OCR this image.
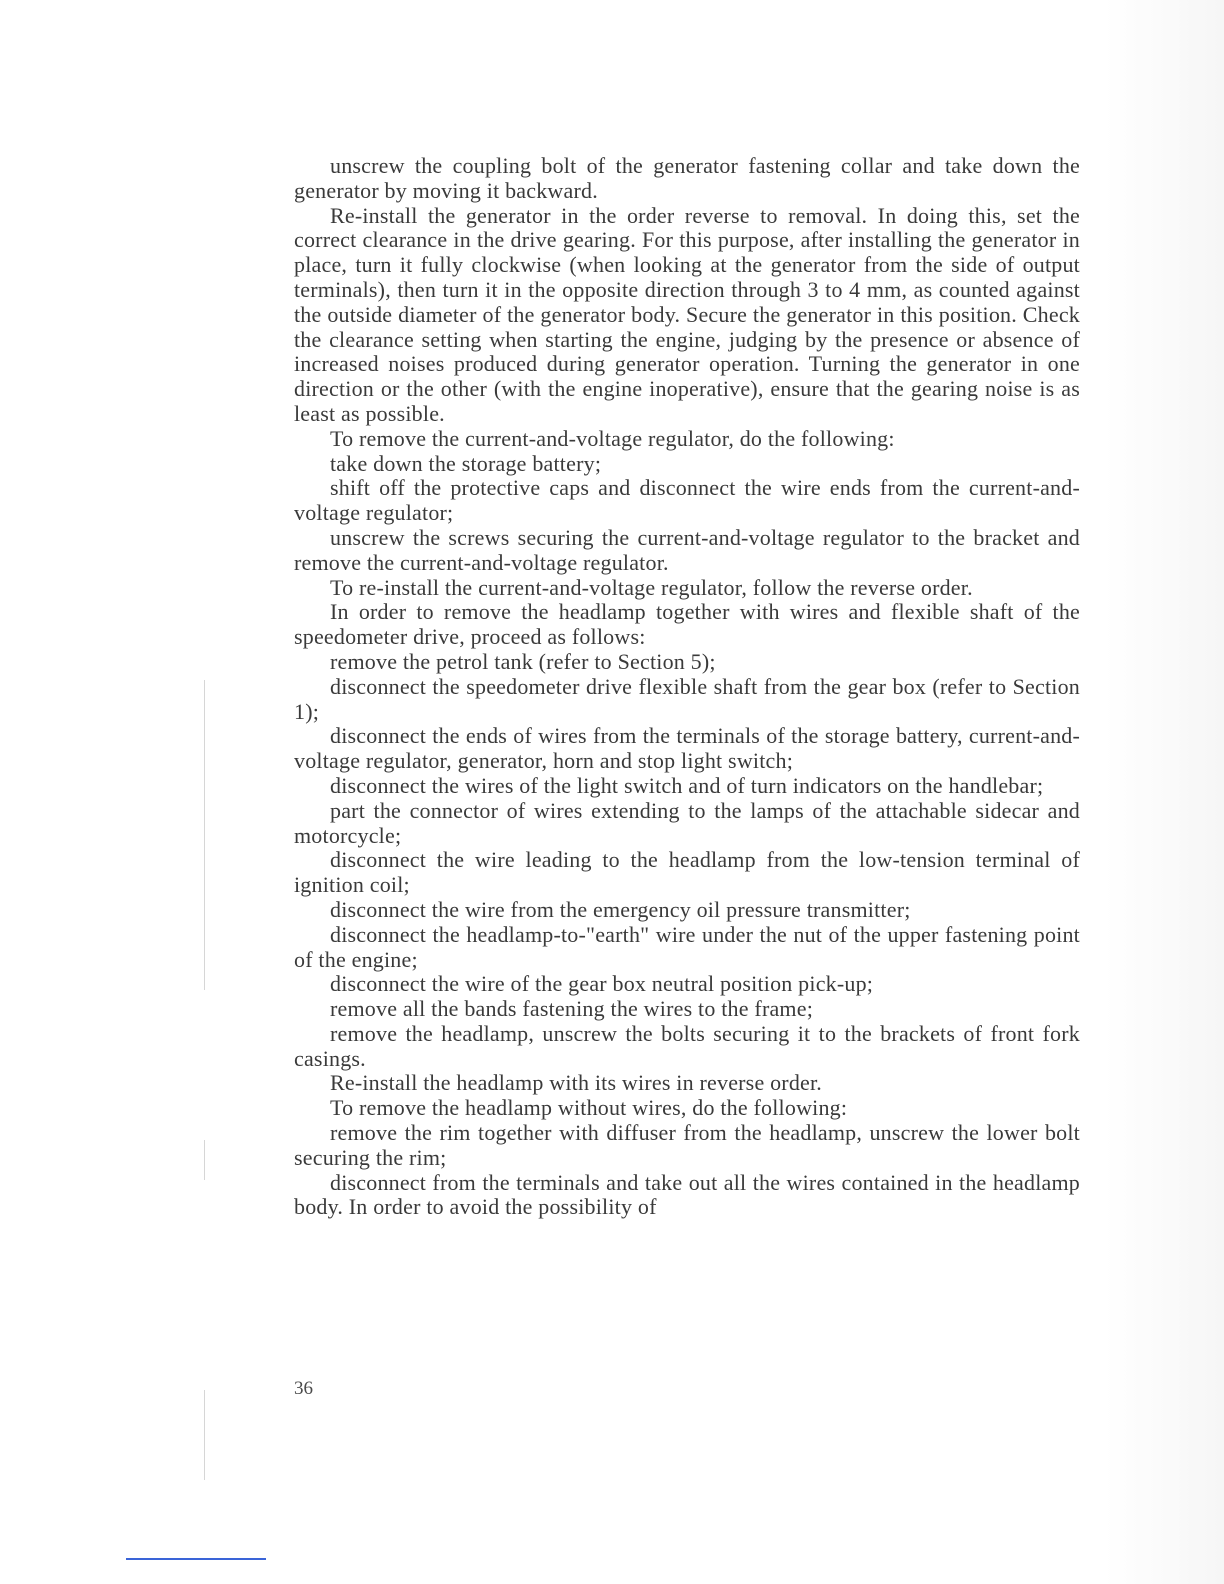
unscrew the coupling bolt of the generator fastening collar and take down the generator by moving it backward.

Re-install the generator in the order reverse to removal. In doing this, set the correct clearance in the drive gearing. For this purpose, after installing the generator in place, turn it fully clockwise (when looking at the generator from the side of output terminals), then turn it in the opposite direction through 3 to 4 mm, as counted against the outside diameter of the generator body. Secure the generator in this position. Check the clearance setting when starting the engine, judging by the presence or absence of increased noises produced during generator operation. Turning the generator in one direction or the other (with the engine inoperative), ensure that the gearing noise is as least as possible.

To remove the current-and-voltage regulator, do the following:

take down the storage battery;

shift off the protective caps and disconnect the wire ends from the current-and-voltage regulator;

unscrew the screws securing the current-and-voltage regulator to the bracket and remove the current-and-voltage regulator.

To re-install the current-and-voltage regulator, follow the reverse order.

In order to remove the headlamp together with wires and flexible shaft of the speedometer drive, proceed as follows:

remove the petrol tank (refer to Section 5);

disconnect the speedometer drive flexible shaft from the gear box (refer to Section 1);

disconnect the ends of wires from the terminals of the storage battery, current-and-voltage regulator, generator, horn and stop light switch;

disconnect the wires of the light switch and of turn indicators on the handlebar;

part the connector of wires extending to the lamps of the attachable sidecar and motorcycle;

disconnect the wire leading to the headlamp from the low-tension terminal of ignition coil;

disconnect the wire from the emergency oil pressure transmitter;

disconnect the headlamp-to-"earth" wire under the nut of the upper fastening point of the engine;

disconnect the wire of the gear box neutral position pick-up;

remove all the bands fastening the wires to the frame;

remove the headlamp, unscrew the bolts securing it to the brackets of front fork casings.

Re-install the headlamp with its wires in reverse order.

To remove the headlamp without wires, do the following:

remove the rim together with diffuser from the headlamp, unscrew the lower bolt securing the rim;

disconnect from the terminals and take out all the wires contained in the headlamp body. In order to avoid the possibility of

36
